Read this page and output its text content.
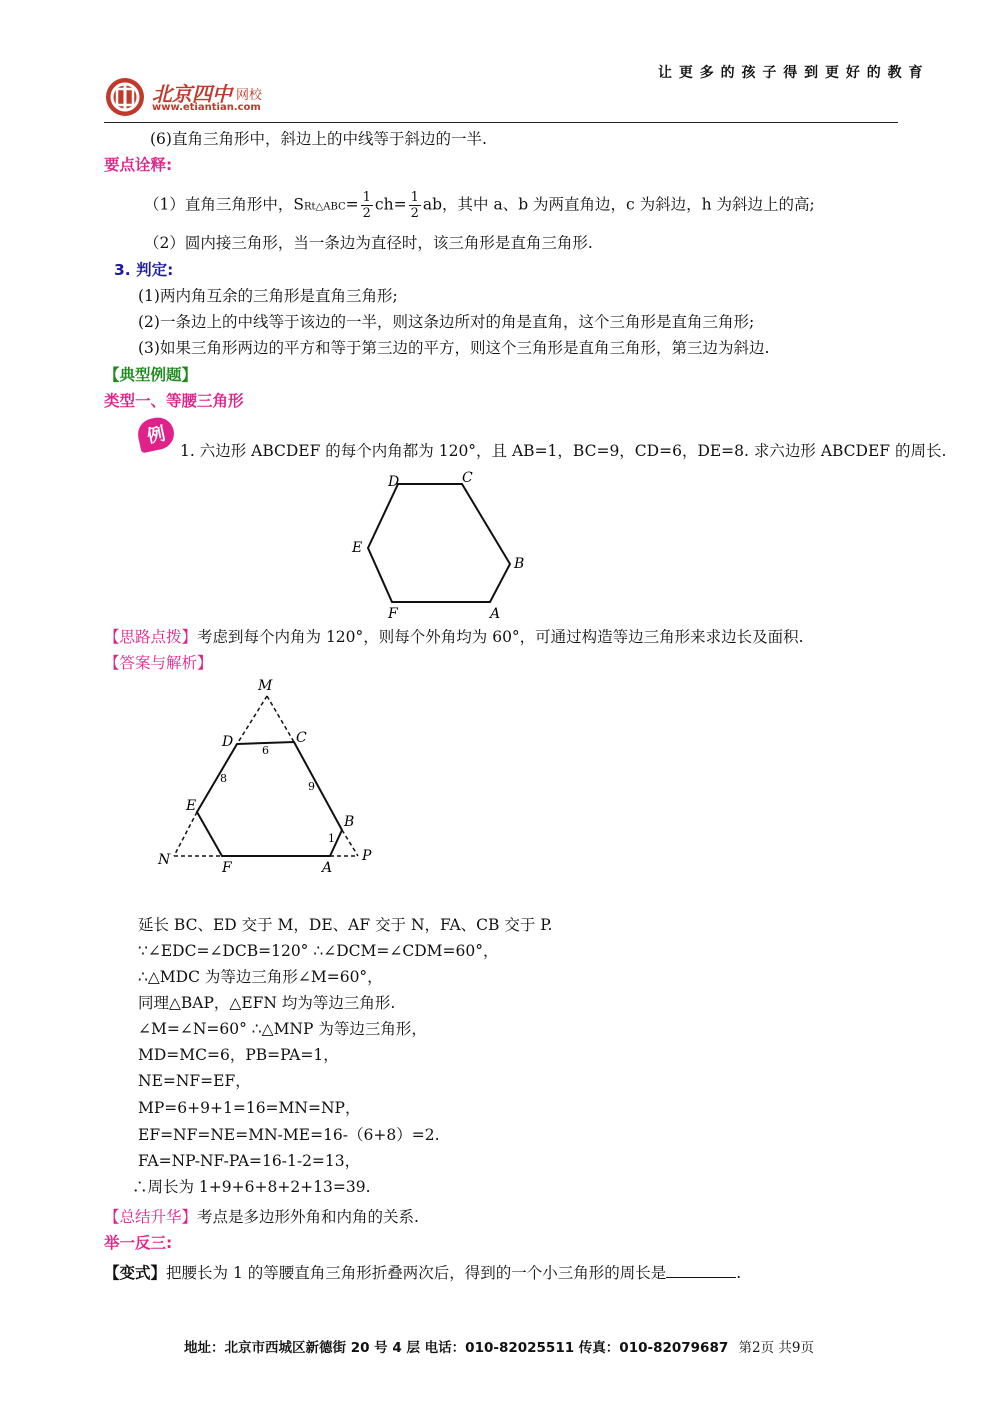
让 更 多 的 孩 子 得 到 更 好 的 教 育
北京四中 网校
www.etiantian.com
(6)直角三角形中，斜边上的中线等于斜边的一半.
要点诠释:
（1）直角三角形中，SRt△ABC= $\frac{1}{2} ch= \frac{1}{2}$ ab，其中 a、b 为两直角边，c 为斜边，h 为斜边上的高;
（2）圆内接三角形，当一条边为直径时，该三角形是直角三角形.
3. 判定:
(1)两内角互余的三角形是直角三角形;
(2)一条边上的中线等于该边的一半，则这条边所对的角是直角，这个三角形是直角三角形;
(3)如果三角形两边的平方和等于第三边的平方，则这个三角形是直角三角形，第三边为斜边.
【典型例题】
类型一、等腰三角形
例
1. 六边形 ABCDEF 的每个内角都为 120°，且 AB=1，BC=9，CD=6，DE=8. 求六边形 ABCDEF 的周长.
D	C
E
B
F	A
【思路点拨】考虑到每个内角为 120°，则每个外角均为 60°，可通过构造等边三角形来求边长及面积.
【答案与解析】
M
D	C
6
8
9
E
B
1
N	F	A
P
延长 BC、ED 交于 M，DE、AF 交于 N，FA、CB 交于 P.
∵∠EDC=∠DCB=120° ∴∠DCM=∠CDM=60°，
∴△MDC 为等边三角形∠M=60°，
同理△BAP，△EFN 均为等边三角形.
∠M=∠N=60° ∴△MNP 为等边三角形，
MD=MC=6，PB=PA=1，
NE=NF=EF，
MP=6+9+1=16=MN=NP，
EF=NF=NE=MN-ME=16-（6+8）=2.
FA=NP-NF-PA=16-1-2=13，
∴周长为 1+9+6+8+2+13=39.
【总结升华】考点是多边形外角和内角的关系.
举一反三:
【变式】把腰长为 1 的等腰直角三角形折叠两次后，得到的一个小三角形的周长是	.
地址：北京市西城区新德街 20 号 4 层 电话：010-82025511 传真：010-82079687 第2页 共9页
